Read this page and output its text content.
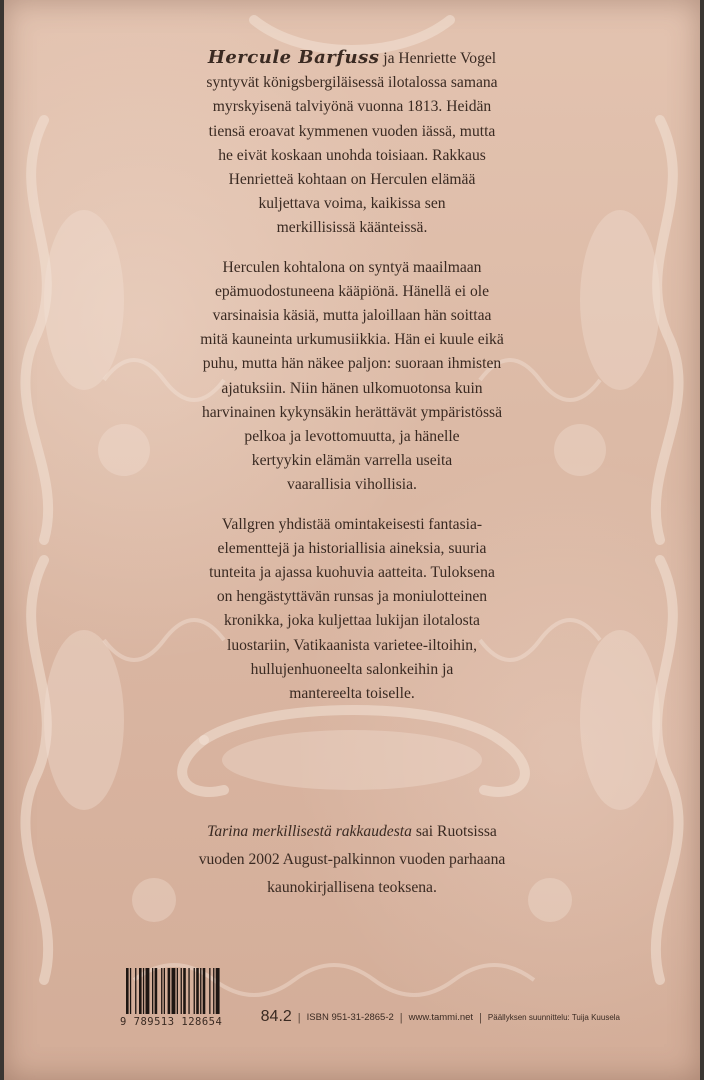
Hercule Barfuss ja Henriette Vogel
syntyvät königsbergiläisessä ilotalossa samana
myrskyisenä talviyönä vuonna 1813. Heidän
tiensä eroavat kymmenen vuoden iässä, mutta
he eivät koskaan unohda toisiaan. Rakkaus
Henrietteä kohtaan on Herculen elämää
kuljettava voima, kaikissa sen
merkillisissä käänteissä.

Herculen kohtalona on syntyä maailmaan
epämuodostuneena kääpiönä. Hänellä ei ole
varsinaisia käsiä, mutta jaloillaan hän soittaa
mitä kauneinta urkumusiikkia. Hän ei kuule eikä
puhu, mutta hän näkee paljon: suoraan ihmisten
ajatuksiin. Niin hänen ulkomuotonsa kuin
harvinainen kykynsäkin herättävät ympäristössä
pelkoa ja levottomuutta, ja hänelle
kertyykin elämän varrella useita
vaarallisia vihollisia.

Vallgren yhdistää omintakeisesti fantasia-
elementtejä ja historiallisia aineksia, suuria
tunteita ja ajassa kuohuvia aatteita. Tuloksena
on hengästyttävän runsas ja moniulotteinen
kronikka, joka kuljettaa lukijan ilotalosta
luostariin, Vatikaanista varietee-iltoihin,
hullujenhuoneelta salonkeihin ja
mantereelta toiselle.

Tarina merkillisestä rakkaudesta sai Ruotsissa
vuoden 2002 August-palkinnon vuoden parhaana
kaunokirjallisena teoksena.
9 789513 128654	84.2 | ISBN 951-31-2865-2 | www.tammi.net | Päällyksen suunnittelu: Tuija Kuusela
